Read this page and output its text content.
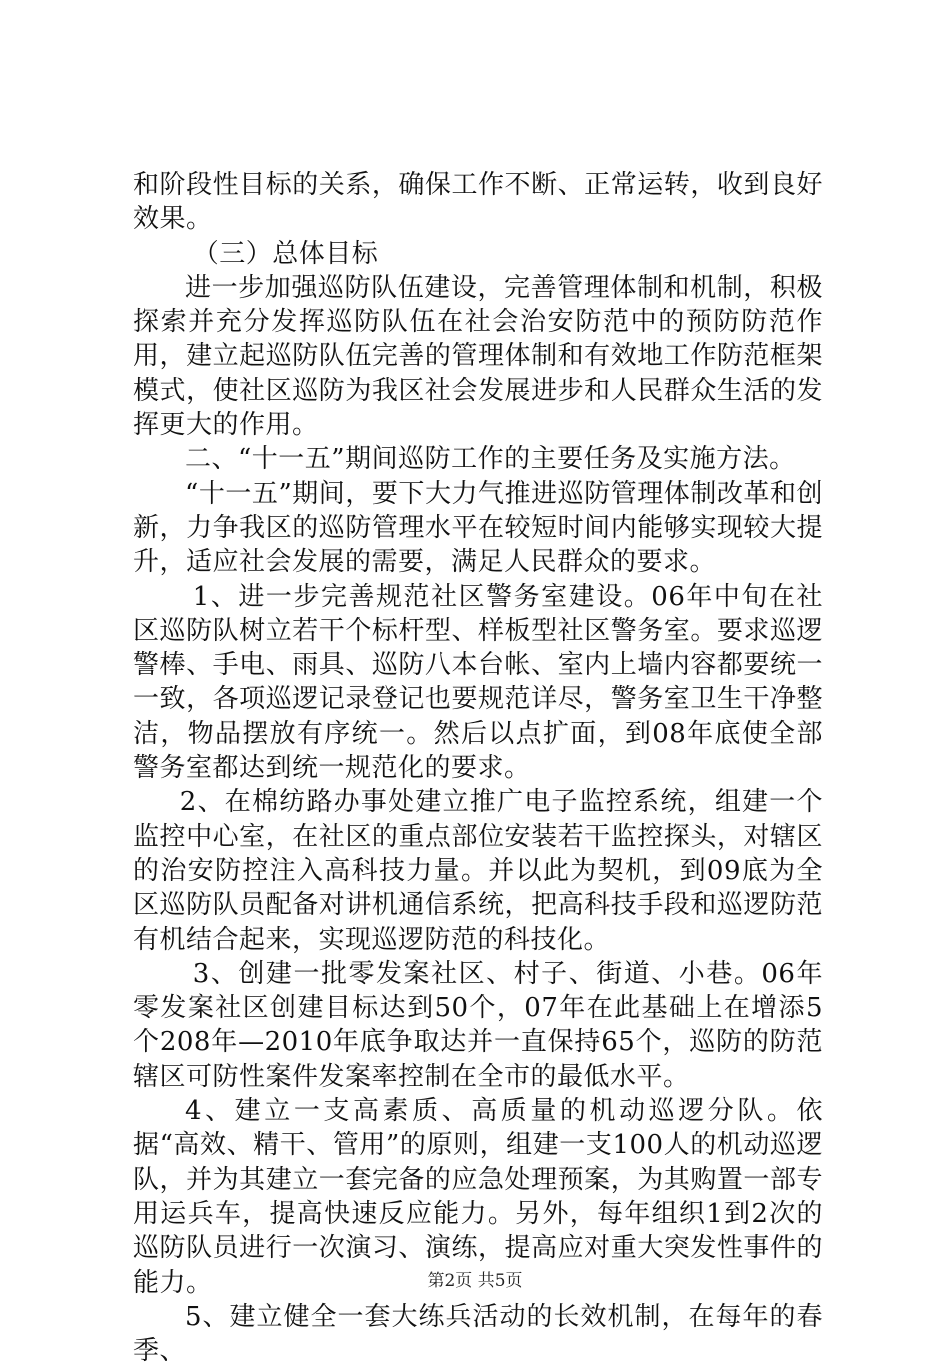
和阶段性目标的关系，确保工作不断、正常运转，收到良好效果。

（三）总体目标

进一步加强巡防队伍建设，完善管理体制和机制，积极探索并充分发挥巡防队伍在社会治安防范中的预防防范作用，建立起巡防队伍完善的管理体制和有效地工作防范框架模式，使社区巡防为我区社会发展进步和人民群众生活的发挥更大的作用。

二、“十一五”期间巡防工作的主要任务及实施方法。

“十一五”期间，要下大力气推进巡防管理体制改革和创新，力争我区的巡防管理水平在较短时间内能够实现较大提升，适应社会发展的需要，满足人民群众的要求。

1、进一步完善规范社区警务室建设。06年中旬在社区巡防队树立若干个标杆型、样板型社区警务室。要求巡逻警棒、手电、雨具、巡防八本台帐、室内上墙内容都要统一一致，各项巡逻记录登记也要规范详尽，警务室卫生干净整洁，物品摆放有序统一。然后以点扩面，到08年底使全部警务室都达到统一规范化的要求。

2、在棉纺路办事处建立推广电子监控系统，组建一个监控中心室，在社区的重点部位安装若干监控探头，对辖区的治安防控注入高科技力量。并以此为契机，到09底为全区巡防队员配备对讲机通信系统，把高科技手段和巡逻防范有机结合起来，实现巡逻防范的科技化。

3、创建一批零发案社区、村子、街道、小巷。06年零发案社区创建目标达到50个，07年在此基础上在增添5个208年—2010年底争取达并一直保持65个，巡防的防范辖区可防性案件发案率控制在全市的最低水平。

4、建立一支高素质、高质量的机动巡逻分队。依据“高效、精干、管用”的原则，组建一支100人的机动巡逻队，并为其建立一套完备的应急处理预案，为其购置一部专用运兵车，提高快速反应能力。另外，每年组织1到2次的巡防队员进行一次演习、演练，提高应对重大突发性事件的能力。

5、建立健全一套大练兵活动的长效机制，在每年的春季、

第2页 共5页
